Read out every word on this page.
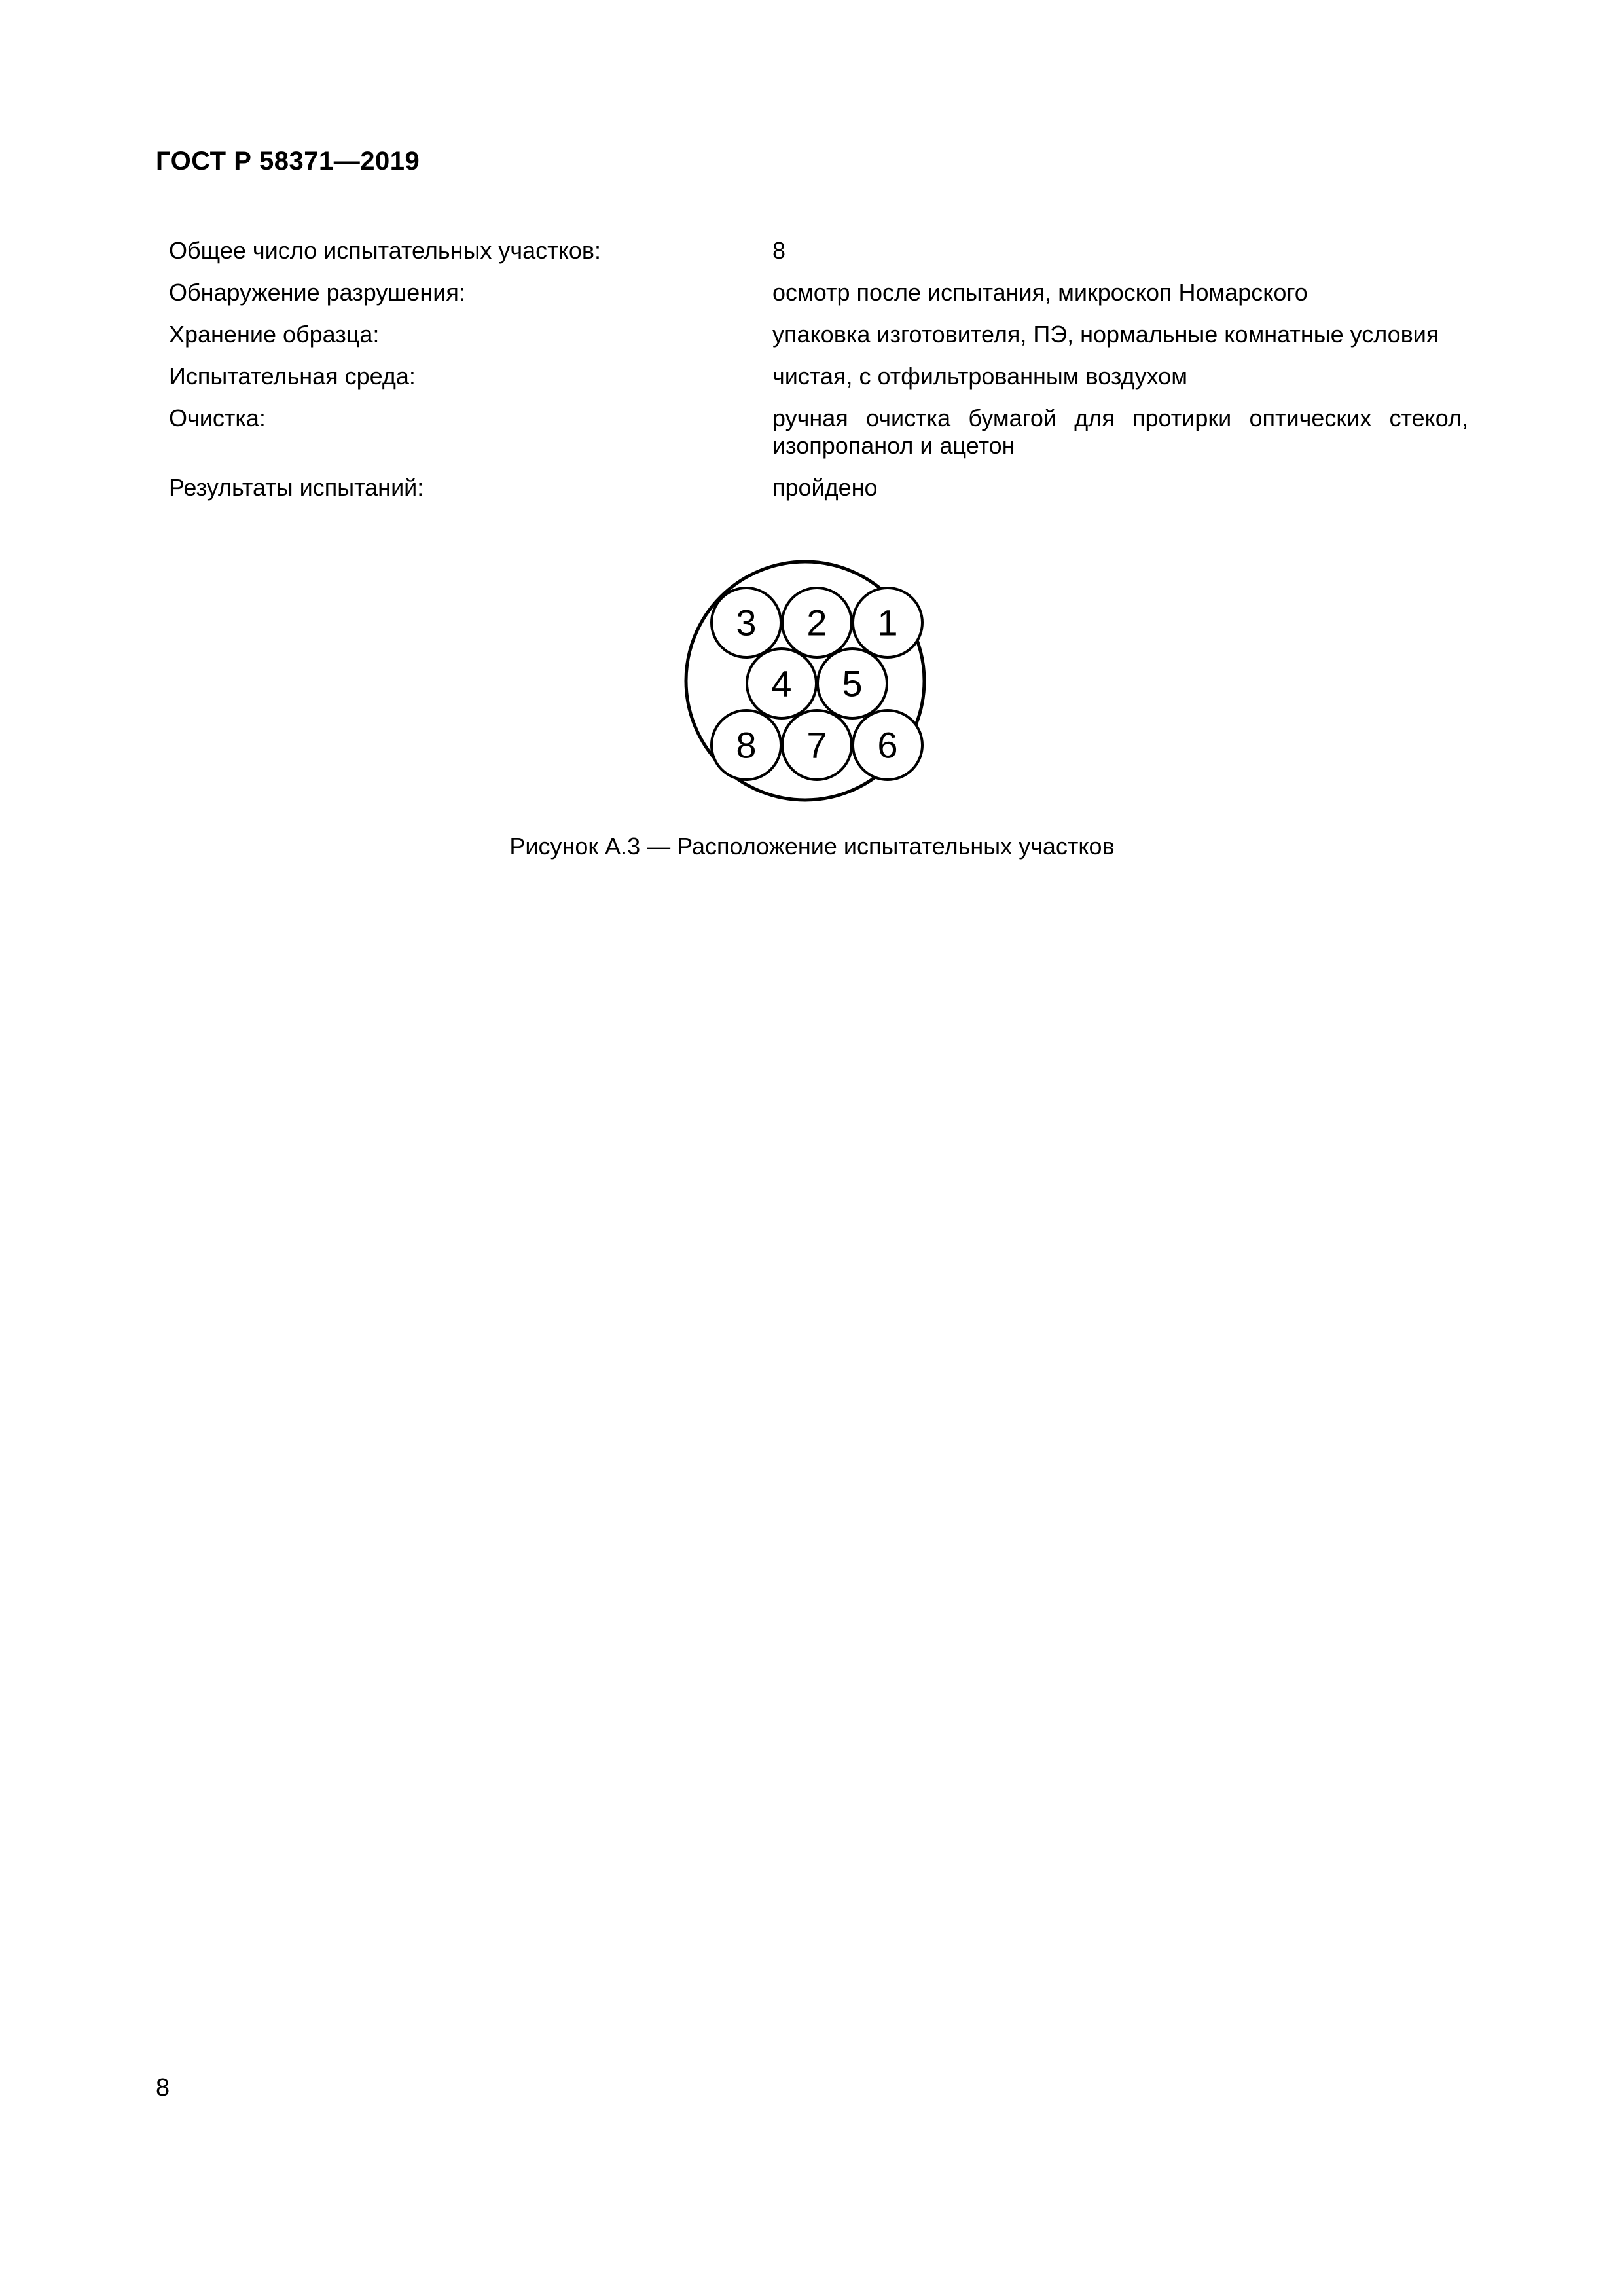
ГОСТ Р 58371—2019
Общее число испытательных участков:	8
Обнаружение разрушения:	осмотр после испытания, микроскоп Номарского
Хранение образца:	упаковка изготовителя, ПЭ, нормальные комнатные условия
Испытательная среда:	чистая, с отфильтрованным воздухом
Очистка:	ручная очистка бумагой для протирки оптических стекол, изопропанол и ацетон
Результаты испытаний:	пройдено
3 2 1
4 5
8 7 6
Рисунок А.3 — Расположение испытательных участков
8
